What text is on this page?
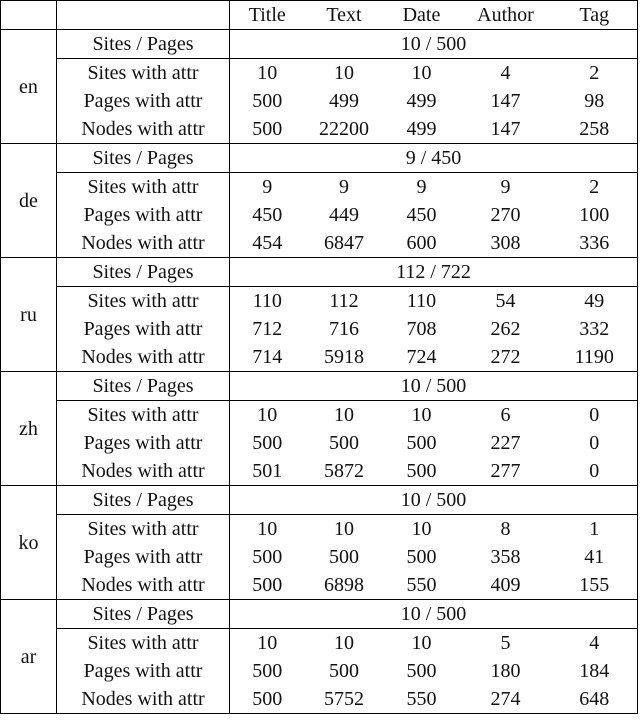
		Title	Text	Date	Author	Tag
en	Sites / Pages	10 / 500				
	Sites with attr	10	10	10	4	2
	Pages with attr	500	499	499	147	98
	Nodes with attr	500	22200	499	147	258
de	Sites / Pages	9 / 450				
	Sites with attr	9	9	9	9	2
	Pages with attr	450	449	450	270	100
	Nodes with attr	454	6847	600	308	336
ru	Sites / Pages	112 / 722				
	Sites with attr	110	112	110	54	49
	Pages with attr	712	716	708	262	332
	Nodes with attr	714	5918	724	272	1190
zh	Sites / Pages	10 / 500				
	Sites with attr	10	10	10	6	0
	Pages with attr	500	500	500	227	0
	Nodes with attr	501	5872	500	277	0
ko	Sites / Pages	10 / 500				
	Sites with attr	10	10	10	8	1
	Pages with attr	500	500	500	358	41
	Nodes with attr	500	6898	550	409	155
ar	Sites / Pages	10 / 500				
	Sites with attr	10	10	10	5	4
	Pages with attr	500	500	500	180	184
	Nodes with attr	500	5752	550	274	648
